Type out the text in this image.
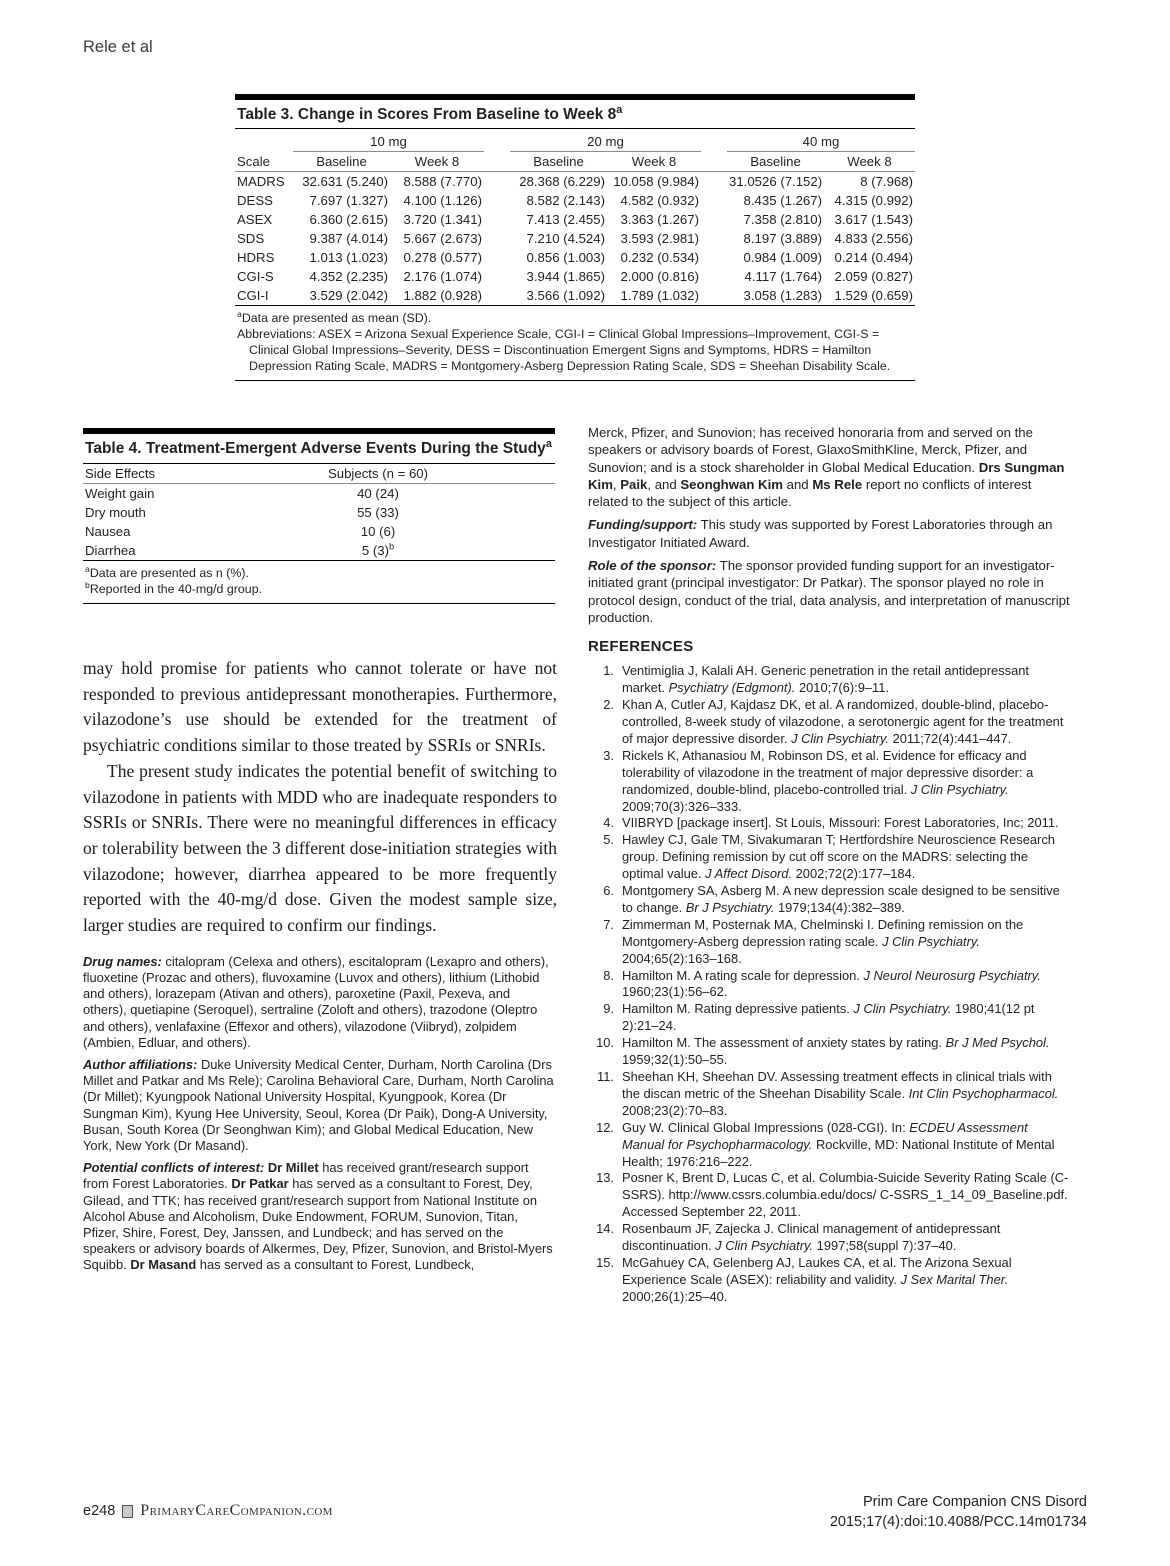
Rele et al
Table 3. Change in Scores From Baseline to Week 8$^a$
	10 mg			20 mg			40 mg	
Scale	Baseline	Week 8		Baseline	Week 8		Baseline	Week 8
MADRS	32.631 (5.240)	8.588 (7.770)		28.368 (6.229)	10.058 (9.984)		31.0526 (7.152)	8 (7.968)
DESS	7.697 (1.327)	4.100 (1.126)		8.582 (2.143)	4.582 (0.932)		8.435 (1.267)	4.315 (0.992)
ASEX	6.360 (2.615)	3.720 (1.341)		7.413 (2.455)	3.363 (1.267)		7.358 (2.810)	3.617 (1.543)
SDS	9.387 (4.014)	5.667 (2.673)		7.210 (4.524)	3.593 (2.981)		8.197 (3.889)	4.833 (2.556)
HDRS	1.013 (1.023)	0.278 (0.577)		0.856 (1.003)	0.232 (0.534)		0.984 (1.009)	0.214 (0.494)
CGI-S	4.352 (2.235)	2.176 (1.074)		3.944 (1.865)	2.000 (0.816)		4.117 (1.764)	2.059 (0.827)
CGI-I	3.529 (2.042)	1.882 (0.928)		3.566 (1.092)	1.789 (1.032)		3.058 (1.283)	1.529 (0.659)

$^a$Data are presented as mean (SD).

Abbreviations: ASEX = Arizona Sexual Experience Scale, CGI-I = Clinical Global Impressions–Improvement, CGI-S = Clinical Global Impressions–Severity, DESS = Discontinuation Emergent Signs and Symptoms, HDRS = Hamilton Depression Rating Scale, MADRS = Montgomery-Asberg Depression Rating Scale, SDS = Sheehan Disability Scale.

Table 4. Treatment-Emergent Adverse Events During the Study$^a$
Side Effects	Subjects (n = 60)
Weight gain	40 (24)
Dry mouth	55 (33)
Nausea	10 (6)
Diarrhea	5 $(3)^b$

$^a$Data are presented as n (%).

$^b$Reported in the 40-mg/d group.

may hold promise for patients who cannot tolerate or have not responded to previous antidepressant monotherapies. Furthermore, vilazodone’s use should be extended for the treatment of psychiatric conditions similar to those treated by SSRIs or SNRIs.

The present study indicates the potential benefit of switching to vilazodone in patients with MDD who are inadequate responders to SSRIs or SNRIs. There were no meaningful differences in efficacy or tolerability between the 3 different dose-initiation strategies with vilazodone; however, diarrhea appeared to be more frequently reported with the 40-mg/d dose. Given the modest sample size, larger studies are required to confirm our findings.

Drug names: citalopram (Celexa and others), escitalopram (Lexapro and others), fluoxetine (Prozac and others), fluvoxamine (Luvox and others), lithium (Lithobid and others), lorazepam (Ativan and others), paroxetine (Paxil, Pexeva, and others), quetiapine (Seroquel), sertraline (Zoloft and others), trazodone (Oleptro and others), venlafaxine (Effexor and others), vilazodone (Viibryd), zolpidem (Ambien, Edluar, and others).

Author affiliations: Duke University Medical Center, Durham, North Carolina (Drs Millet and Patkar and Ms Rele); Carolina Behavioral Care, Durham, North Carolina (Dr Millet); Kyungpook National University Hospital, Kyungpook, Korea (Dr Sungman Kim), Kyung Hee University, Seoul, Korea (Dr Paik), Dong-A University, Busan, South Korea (Dr Seonghwan Kim); and Global Medical Education, New York, New York (Dr Masand).

Potential conflicts of interest: Dr Millet has received grant/research support from Forest Laboratories. Dr Patkar has served as a consultant to Forest, Dey, Gilead, and TTK; has received grant/research support from National Institute on Alcohol Abuse and Alcoholism, Duke Endowment, FORUM, Sunovion, Titan, Pfizer, Shire, Forest, Dey, Janssen, and Lundbeck; and has served on the speakers or advisory boards of Alkermes, Dey, Pfizer, Sunovion, and Bristol-Myers Squibb. Dr Masand has served as a consultant to Forest, Lundbeck,

Merck, Pfizer, and Sunovion; has received honoraria from and served on the speakers or advisory boards of Forest, GlaxoSmithKline, Merck, Pfizer, and Sunovion; and is a stock shareholder in Global Medical Education. Drs Sungman Kim, Paik, and Seonghwan Kim and Ms Rele report no conflicts of interest related to the subject of this article.

Funding/support: This study was supported by Forest Laboratories through an Investigator Initiated Award.

Role of the sponsor: The sponsor provided funding support for an investigator-initiated grant (principal investigator: Dr Patkar). The sponsor played no role in protocol design, conduct of the trial, data analysis, and interpretation of manuscript production.

REFERENCES
1. Ventimiglia J, Kalali AH. Generic penetration in the retail antidepressant market. Psychiatry (Edgmont). 2010;7(6):9–11.
2. Khan A, Cutler AJ, Kajdasz DK, et al. A randomized, double-blind, placebo-controlled, 8-week study of vilazodone, a serotonergic agent for the treatment of major depressive disorder. J Clin Psychiatry. 2011;72(4):441–447.
3. Rickels K, Athanasiou M, Robinson DS, et al. Evidence for efficacy and tolerability of vilazodone in the treatment of major depressive disorder: a randomized, double-blind, placebo-controlled trial. J Clin Psychiatry. 2009;70(3):326–333.
4. VIIBRYD [package insert]. St Louis, Missouri: Forest Laboratories, Inc; 2011.
5. Hawley CJ, Gale TM, Sivakumaran T; Hertfordshire Neuroscience Research group. Defining remission by cut off score on the MADRS: selecting the optimal value. J Affect Disord. 2002;72(2):177–184.
6. Montgomery SA, Asberg M. A new depression scale designed to be sensitive to change. Br J Psychiatry. 1979;134(4):382–389.
7. Zimmerman M, Posternak MA, Chelminski I. Defining remission on the Montgomery-Asberg depression rating scale. J Clin Psychiatry. 2004;65(2):163–168.
8. Hamilton M. A rating scale for depression. J Neurol Neurosurg Psychiatry. 1960;23(1):56–62.
9. Hamilton M. Rating depressive patients. J Clin Psychiatry. 1980;41(12 pt 2):21–24.
10. Hamilton M. The assessment of anxiety states by rating. Br J Med Psychol. 1959;32(1):50–55.
11. Sheehan KH, Sheehan DV. Assessing treatment effects in clinical trials with the discan metric of the Sheehan Disability Scale. Int Clin Psychopharmacol. 2008;23(2):70–83.
12. Guy W. Clinical Global Impressions (028-CGI). In: ECDEU Assessment Manual for Psychopharmacology. Rockville, MD: National Institute of Mental Health; 1976:216–222.
13. Posner K, Brent D, Lucas C, et al. Columbia-Suicide Severity Rating Scale (C-SSRS). http://www.cssrs.columbia.edu/docs/ C-SSRS_1_14_09_Baseline.pdf. Accessed September 22, 2011.
14. Rosenbaum JF, Zajecka J. Clinical management of antidepressant discontinuation. J Clin Psychiatry. 1997;58(suppl 7):37–40.
15. McGahuey CA, Gelenberg AJ, Laukes CA, et al. The Arizona Sexual Experience Scale (ASEX): reliability and validity. J Sex Marital Ther. 2000;26(1):25–40.
e248 PrimaryCareCompanion.com	Prim Care Companion CNS Disord
2015;17(4):doi:10.4088/PCC.14m01734
